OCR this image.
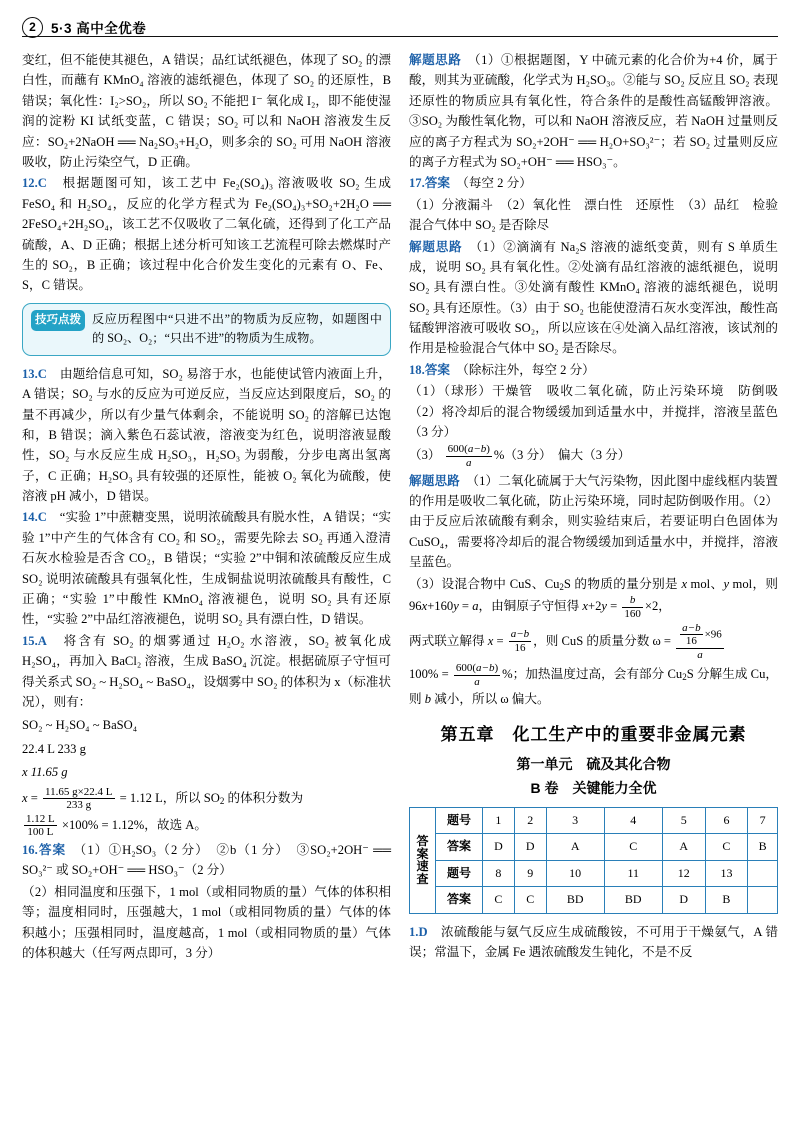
2	5·3 高中全优卷

变红，但不能使其褪色，A 错误；品红试纸褪色，体现了 SO₂ 的漂白性，而蘸有 KMnO₄ 溶液的滤纸褪色，体现了 SO₂ 的还原性，B 错误；氧化性：I₂>SO₂，所以 SO₂ 不能把 I⁻ 氧化成 I₂，即不能使湿润的淀粉 KI 试纸变蓝，C 错误；SO₂ 可以和 NaOH 溶液发生反应：SO₂+2NaOH ══ Na₂SO₃+H₂O，则多余的 SO₂ 可用 NaOH 溶液吸收，防止污染空气，D 正确。

12.C　 根据题图可知，该工艺中 Fe₂(SO₄)₃ 溶液吸收 SO₂ 生成 FeSO₄ 和 H₂SO₄，反应的化学方程式为 Fe₂(SO₄)₃+SO₂+2H₂O ══ 2FeSO₄+2H₂SO₄，该工艺不仅吸收了二氧化硫，还得到了化工产品硫酸，A、D 正确；根据上述分析可知该工艺流程可除去燃煤时产生的 SO₂，B 正确；该过程中化合价发生变化的元素有 O、Fe、S，C 错误。

技巧点拨 反应历程图中“只进不出”的物质为反应物，如题图中的 SO₂、O₂；“只出不进”的物质为生成物。

13.C　 由题给信息可知，SO₂ 易溶于水，也能使试管内液面上升，A 错误；SO₂ 与水的反应为可逆反应，当反应达到限度后，SO₂ 的量不再减少，所以有少量气体剩余，不能说明 SO₂ 的溶解已达饱和，B 错误；滴入紫色石蕊试液，溶液变为红色，说明溶液显酸性，SO₂ 与水反应生成 H₂SO₃，H₂SO₃ 为弱酸，分步电离出氢离子，C 正确；H₂SO₃ 具有较强的还原性，能被 O₂ 氧化为硫酸，使溶液 pH 减小，D 错误。

14.C　 “实验 1”中蔗糖变黑，说明浓硫酸具有脱水性，A 错误；“实验 1”中产生的气体含有 CO₂ 和 SO₂，需要先除去 SO₂ 再通入澄清石灰水检验是否含 CO₂，B 错误；“实验 2”中铜和浓硫酸反应生成 SO₂ 说明浓硫酸具有强氧化性，生成铜盐说明浓硫酸具有酸性，C 正确；“实验 1”中酸性 KMnO₄ 溶液褪色，说明 SO₂ 具有还原性，“实验 2”中品红溶液褪色，说明 SO₂ 具有漂白性，D 错误。

15.A　 将含有 SO₂ 的烟雾通过 H₂O₂ 水溶液，SO₂ 被氧化成 H₂SO₄，再加入 BaCl₂ 溶液，生成 BaSO₄ 沉淀。根据硫原子守恒可得关系式 SO₂ ~ H₂SO₄ ~ BaSO₄，设烟雾中 SO₂ 的体积为 x（标准状况），则有：

SO₂ ~ H₂SO₄ ~ BaSO₄

22.4 L 233 g

x 11.65 g

$x = \frac{11.65 g\times 22.4 L}{233 g} = 1.12$ L，所以 $SO_2$ 的体积分数为

$\frac{1.12 L}{100 L} \times 100\% = 1.12\%$，故选 A。

16.答案　 （1）①H₂SO₃（2 分）　②b（1 分）　③SO₂+2OH⁻ ══ SO₃²⁻ 或 SO₂+OH⁻ ══ HSO₃⁻（2 分）

（2）相同温度和压强下，1 mol（或相同物质的量）气体的体积相等；温度相同时，压强越大，1 mol（或相同物质的量）气体的体积越小；压强相同时，温度越高，1 mol（或相同物质的量）气体的体积越大（任写两点即可，3 分）

解题思路　 （1）①根据题图，Y 中硫元素的化合价为+4 价，属于酸，则其为亚硫酸，化学式为 H₂SO₃。②能与 SO₂ 反应且 SO₂ 表现还原性的物质应具有氧化性，符合条件的是酸性高锰酸钾溶液。③SO₂ 为酸性氧化物，可以和 NaOH 溶液反应，若 NaOH 过量则反应的离子方程式为 SO₂+2OH⁻ ══ H₂O+SO₃²⁻；若 SO₂ 过量则反应的离子方程式为 SO₂+OH⁻ ══ HSO₃⁻。

17.答案　 （每空 2 分）

（1）分液漏斗　（2）氧化性　漂白性　还原性　（3）品红　检验混合气体中 SO₂ 是否除尽

解题思路　 （1）②滴滴有 Na₂S 溶液的滤纸变黄，则有 S 单质生成，说明 SO₂ 具有氧化性。②处滴有品红溶液的滤纸褪色，说明 SO₂ 具有漂白性。③处滴有酸性 KMnO₄ 溶液的滤纸褪色，说明 SO₂ 具有还原性。（3）由于 SO₂ 也能使澄清石灰水变浑浊，酸性高锰酸钾溶液可吸收 SO₂，所以应该在④处滴入品红溶液，该试剂的作用是检验混合气体中 SO₂ 是否除尽。

18.答案　 （除标注外，每空 2 分）

（1）（球形）干燥管　吸收二氧化硫，防止污染环境　防倒吸　（2）将冷却后的混合物缓缓加到适量水中，并搅拌，溶液呈蓝色（3 分）

$(3) \frac{600(a-b)}{a} \%(3$ 分）　偏大（3 分）

解题思路　 （1）二氧化硫属于大气污染物，因此图中虚线框内装置的作用是吸收二氧化硫，防止污染环境，同时起防倒吸作用。（2）由于反应后浓硫酸有剩余，则实验结束后，若要证明白色固体为 CuSO₄，需要将冷却后的混合物缓缓加到适量水中，并搅拌，溶液呈蓝色。

（3）设混合物中 CuS、$Cu_2S$ 的物质的量分别是 x mol、y mol，则 96x+160y = a，由铜原子守恒得 $x+2y = \frac{b}{160} \times 2$，

两式联立解得 $x = \frac{a-b}{16}$ ，则 CuS 的质量分数 $\omega = \frac{\frac{a-b}{16} \times 96}{a}$

$100\% = \frac{600(a-b)}{a}$ %；加热温度过高，会有部分 $Cu_2S$ 分解生成 Cu，则 b 减小，所以 ω 偏大。

第五章　化工生产中的重要非金属元素
第一单元　硫及其化合物
B 卷　关键能力全优
答案速查
题号	1	2	3	4	5	6	7
答案	D	D	A	C	A	C	B
题号	8	9	10	11	12	13	
答案	C	C	BD	BD	D	B	

1.D　 浓硫酸能与氨气反应生成硫酸铵，不可用于干燥氨气，A 错误；常温下，金属 Fe 遇浓硫酸发生钝化，不是不反
